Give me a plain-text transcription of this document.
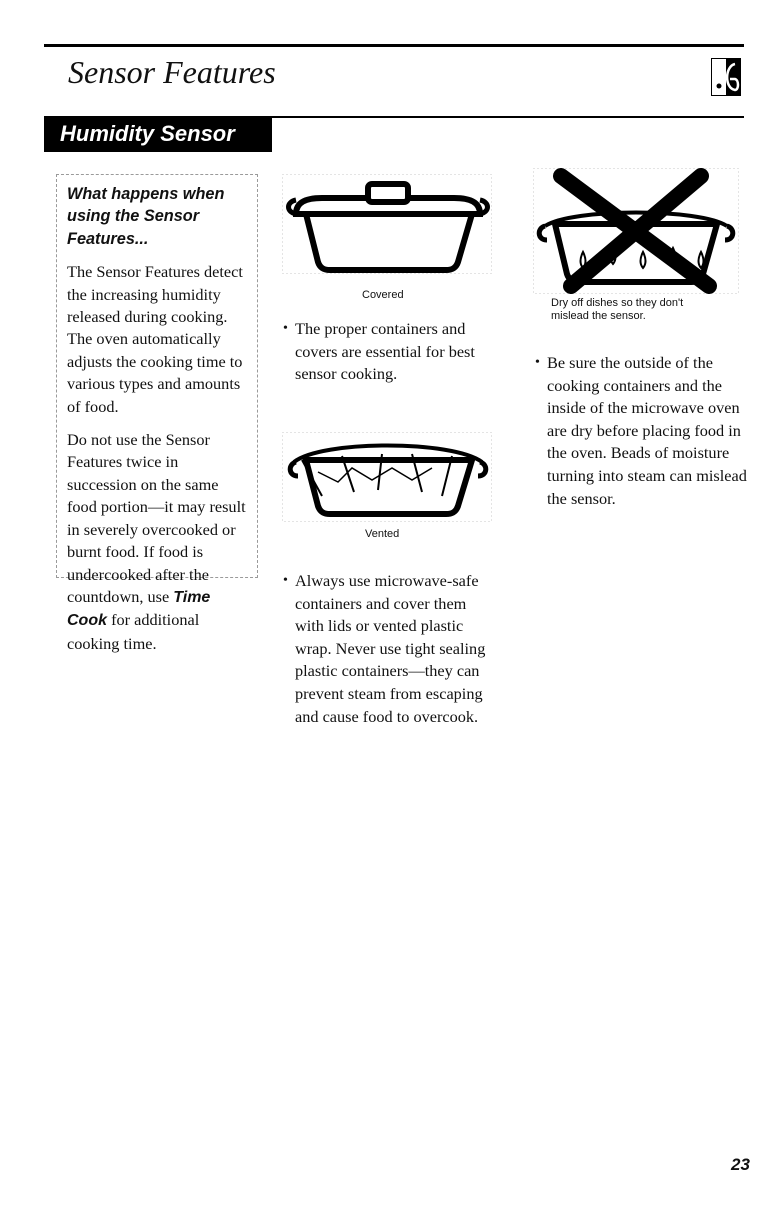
Sensor Features
Humidity Sensor

What happens when using the Sensor Features...

The Sensor Features detect the increasing humidity released during cooking. The oven automatically adjusts the cooking time to various types and amounts of food.

Do not use the Sensor Features twice in succession on the same food portion—it may result in severely overcooked or burnt food. If food is undercooked after the countdown, use Time Cook for additional cooking time.

Covered
Vented
Dry off dishes so they don't mislead the sensor.

• The proper containers and covers are essential for best sensor cooking.

• Always use microwave-safe containers and cover them with lids or vented plastic wrap. Never use tight sealing plastic containers—they can prevent steam from escaping and cause food to overcook.

• Be sure the outside of the cooking containers and the inside of the microwave oven are dry before placing food in the oven. Beads of moisture turning into steam can mislead the sensor.

23
